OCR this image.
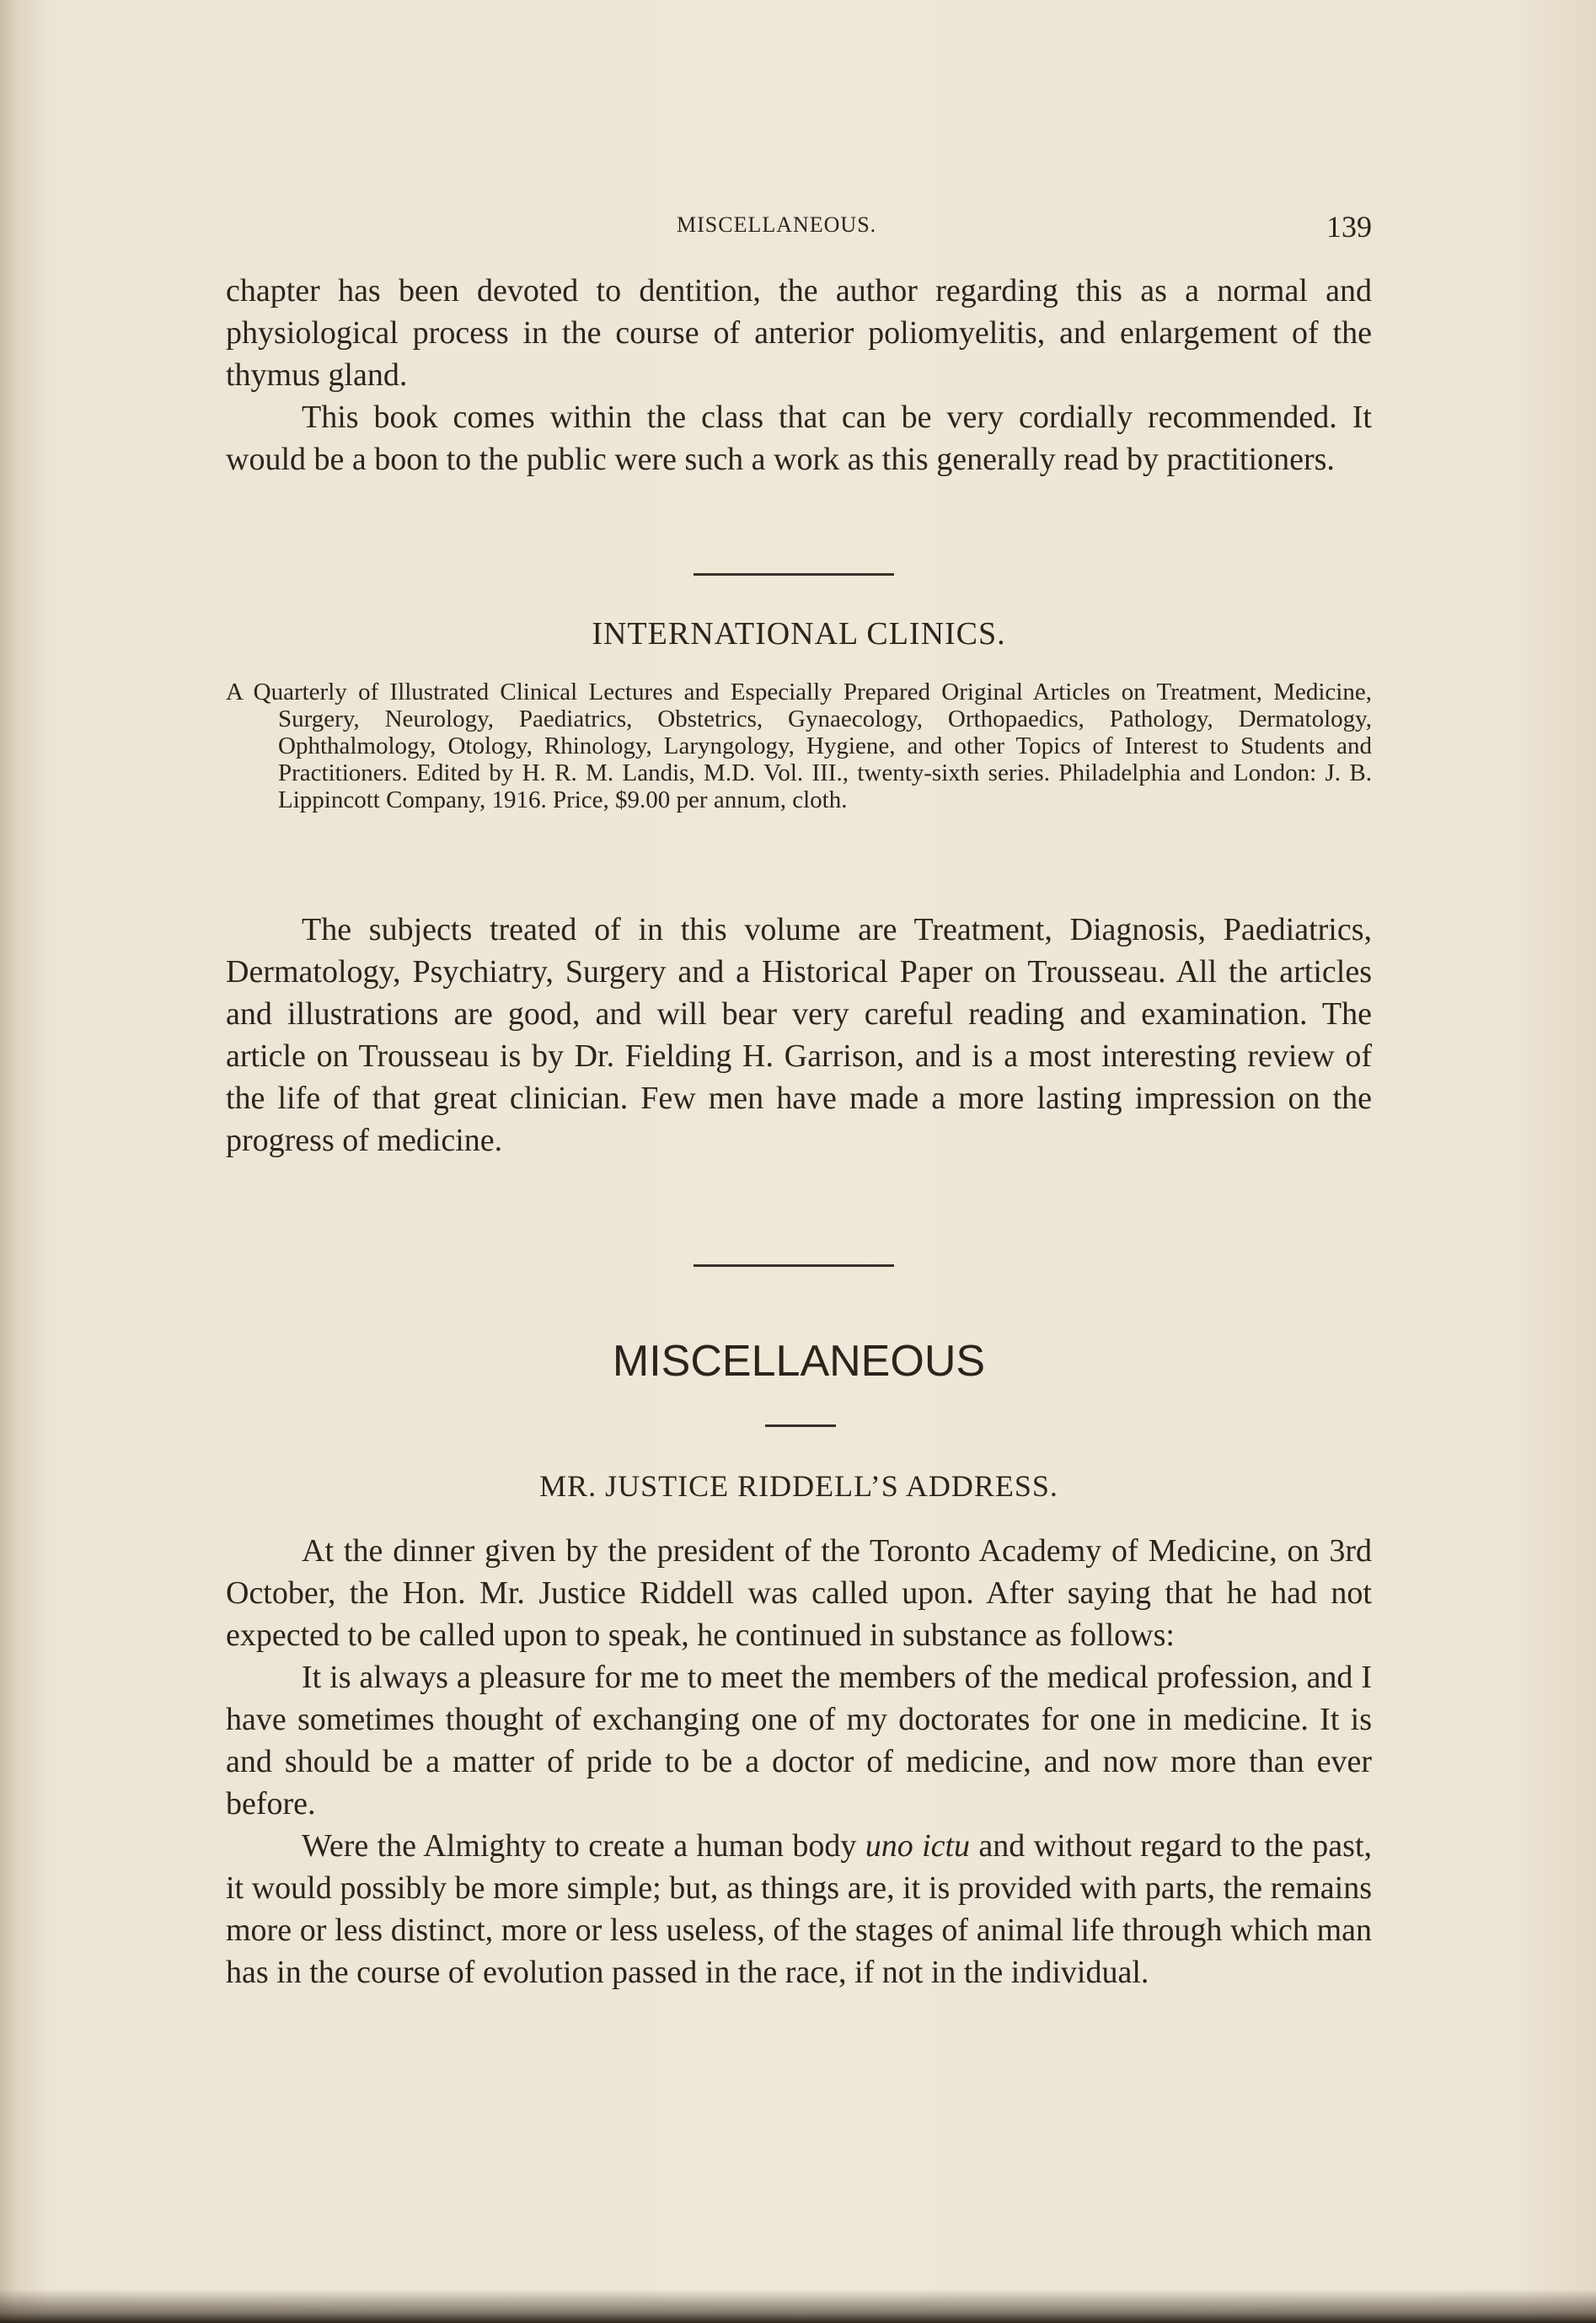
MISCELLANEOUS.	139

chapter has been devoted to dentition, the author regarding this as a normal and physiological process in the course of anterior poliomyelitis, and enlargement of the thymus gland.

This book comes within the class that can be very cordially recommended. It would be a boon to the public were such a work as this generally read by practitioners.

INTERNATIONAL CLINICS.
A Quarterly of Illustrated Clinical Lectures and Especially Prepared Original Articles on Treatment, Medicine, Surgery, Neurology, Paediatrics, Obstetrics, Gynaecology, Orthopaedics, Pathology, Dermatology, Ophthalmology, Otology, Rhinology, Laryngology, Hygiene, and other Topics of Interest to Students and Practitioners. Edited by H. R. M. Landis, M.D. Vol. III., twenty-sixth series. Philadelphia and London: J. B. Lippincott Company, 1916. Price, $9.00 per annum, cloth.

The subjects treated of in this volume are Treatment, Diagnosis, Paediatrics, Dermatology, Psychiatry, Surgery and a Historical Paper on Trousseau. All the articles and illustrations are good, and will bear very careful reading and examination. The article on Trousseau is by Dr. Fielding H. Garrison, and is a most interesting review of the life of that great clinician. Few men have made a more lasting impression on the progress of medicine.

MISCELLANEOUS
MR. JUSTICE RIDDELL’S ADDRESS.

At the dinner given by the president of the Toronto Academy of Medicine, on 3rd October, the Hon. Mr. Justice Riddell was called upon. After saying that he had not expected to be called upon to speak, he continued in substance as follows:

It is always a pleasure for me to meet the members of the medical profession, and I have sometimes thought of exchanging one of my doctorates for one in medicine. It is and should be a matter of pride to be a doctor of medicine, and now more than ever before.

Were the Almighty to create a human body uno ictu and without regard to the past, it would possibly be more simple; but, as things are, it is provided with parts, the remains more or less distinct, more or less useless, of the stages of animal life through which man has in the course of evolution passed in the race, if not in the individual.
